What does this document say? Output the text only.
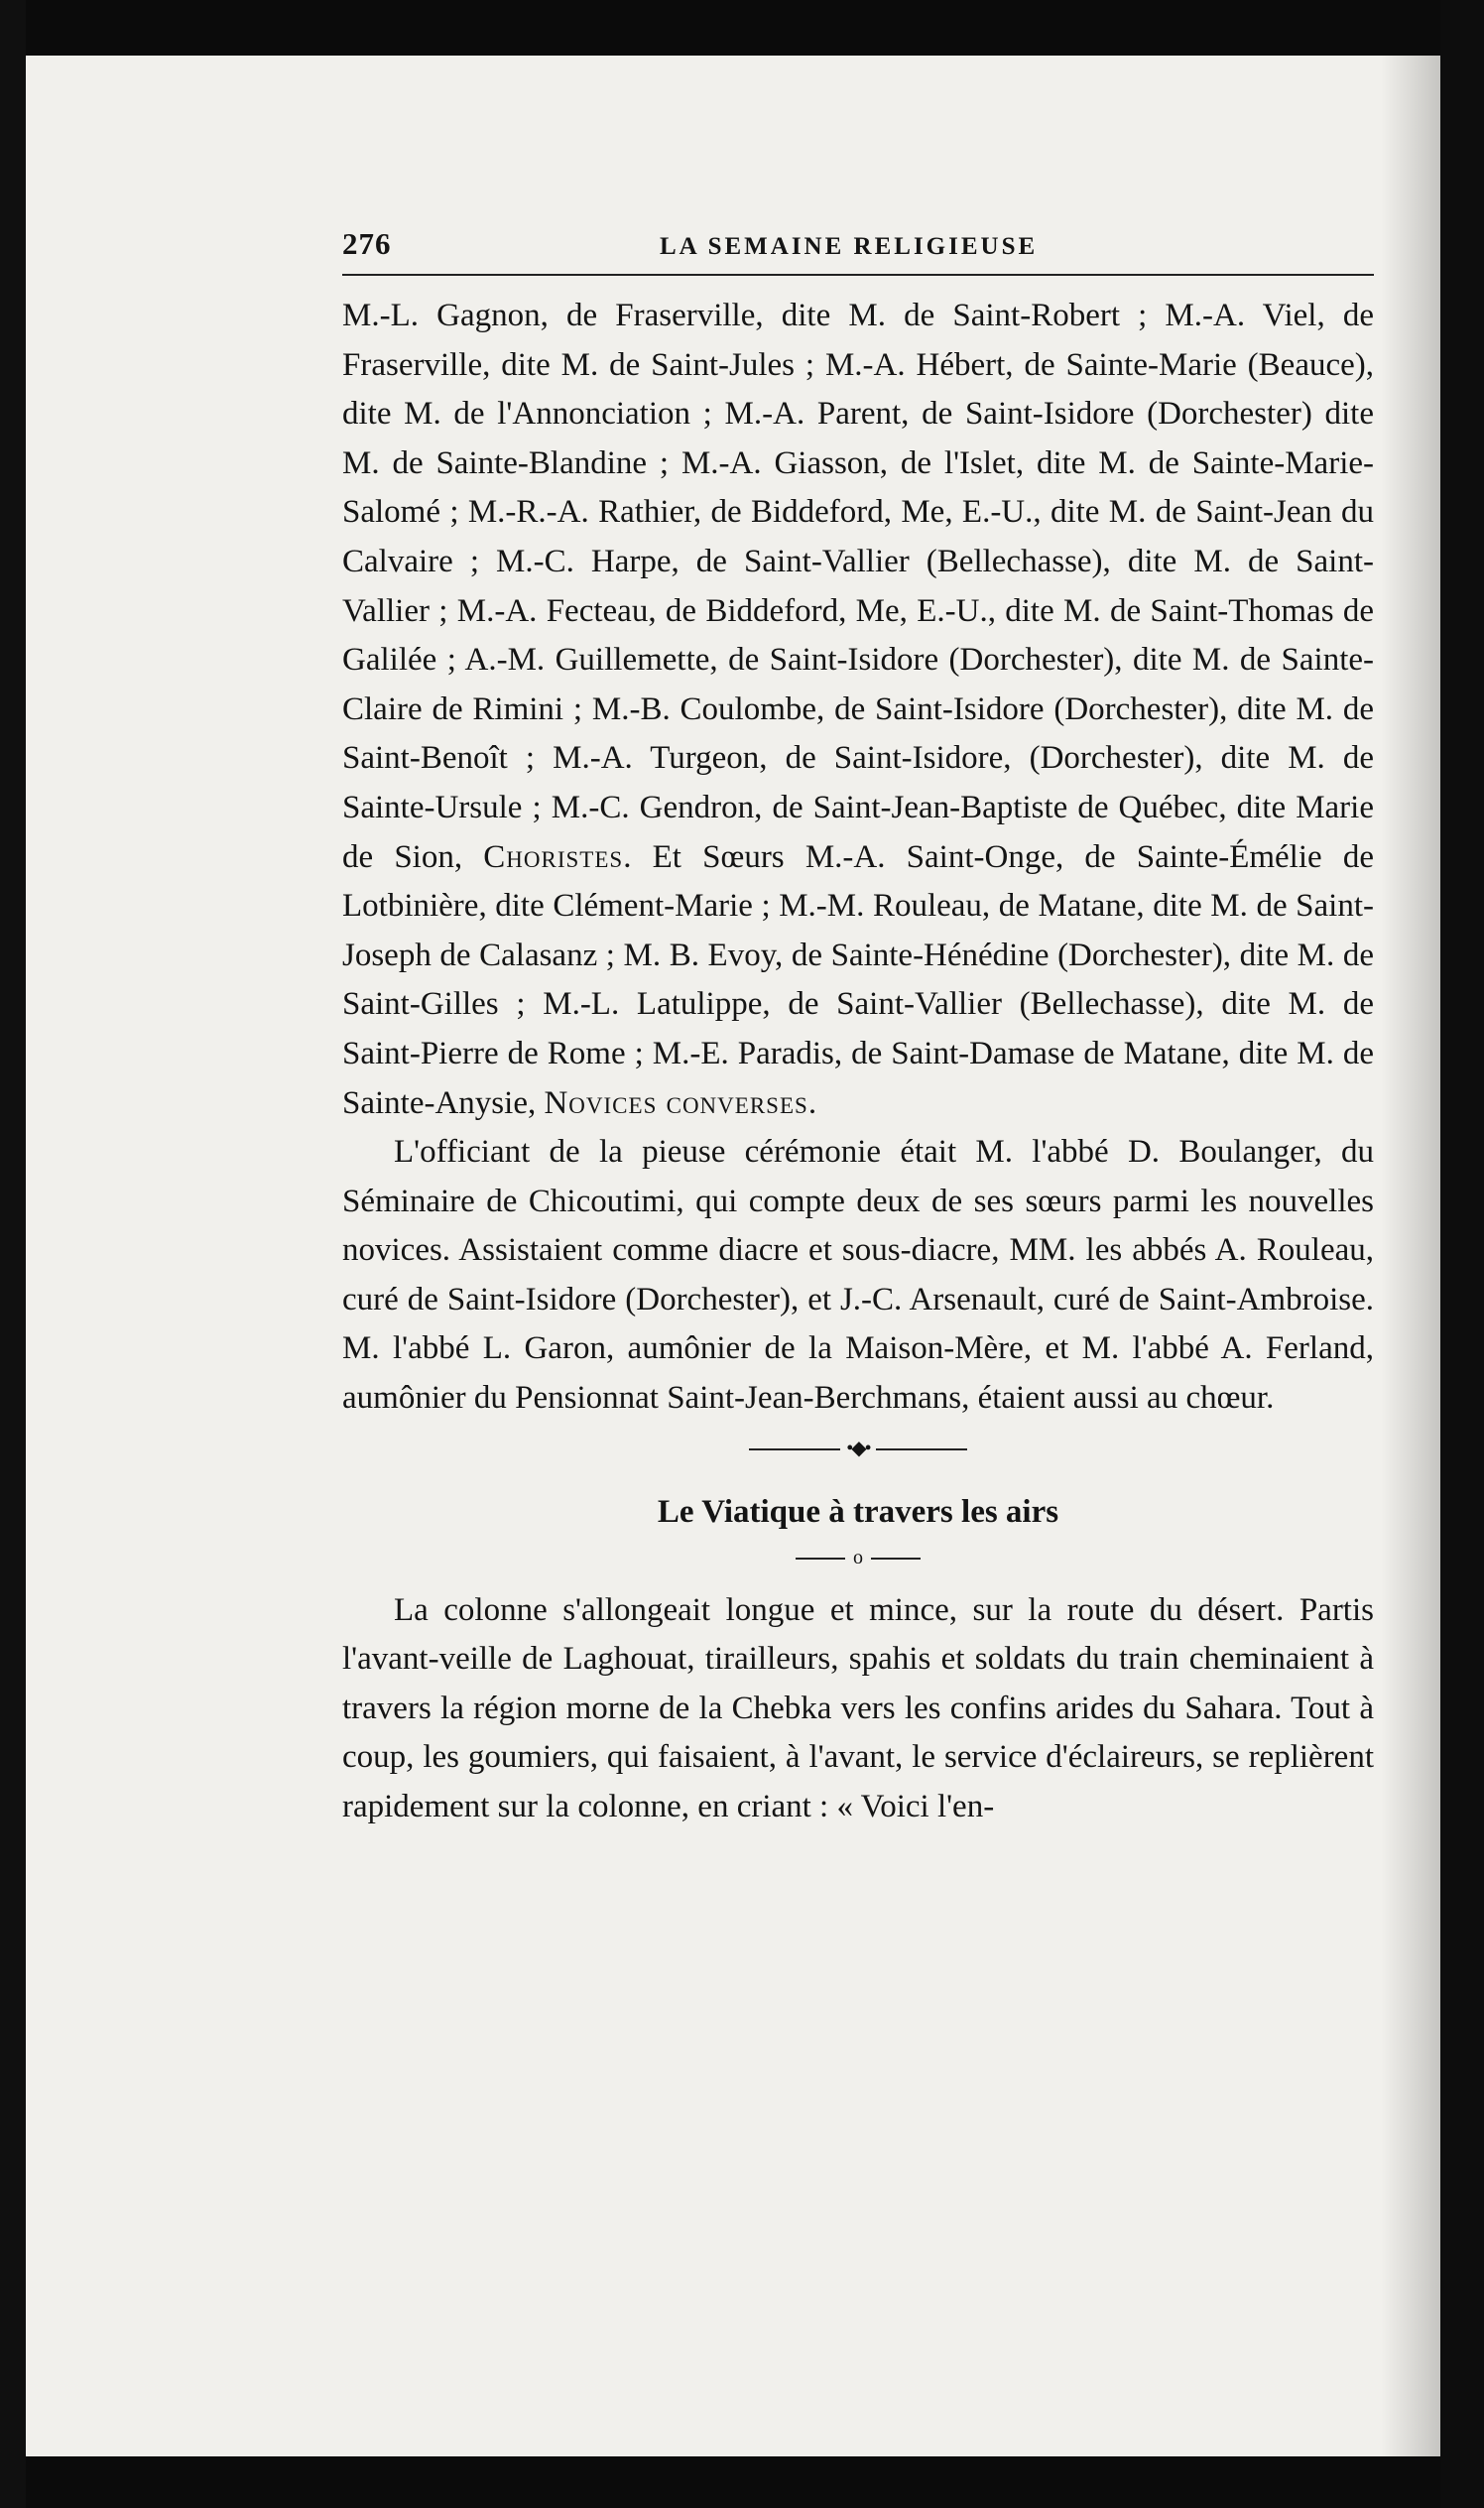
276	LA SEMAINE RELIGIEUSE

M.-L. Gagnon, de Fraserville, dite M. de Saint-Robert ; M.-A. Viel, de Fraserville, dite M. de Saint-Jules ; M.-A. Hébert, de Sainte-Marie (Beauce), dite M. de l'Annonciation ; M.-A. Parent, de Saint-Isidore (Dorchester) dite M. de Sainte-Blandine ; M.-A. Giasson, de l'Islet, dite M. de Sainte-Marie-Salomé ; M.-R.-A. Rathier, de Biddeford, Me, E.-U., dite M. de Saint-Jean du Calvaire ; M.-C. Harpe, de Saint-Vallier (Bellechasse), dite M. de Saint-Vallier ; M.-A. Fecteau, de Biddeford, Me, E.-U., dite M. de Saint-Thomas de Galilée ; A.-M. Guillemette, de Saint-Isidore (Dorchester), dite M. de Sainte-Claire de Rimini ; M.-B. Coulombe, de Saint-Isidore (Dorchester), dite M. de Saint-Benoît ; M.-A. Turgeon, de Saint-Isidore, (Dorchester), dite M. de Sainte-Ursule ; M.-C. Gendron, de Saint-Jean-Baptiste de Québec, dite Marie de Sion, Choristes. Et Sœurs M.-A. Saint-Onge, de Sainte-Émélie de Lotbinière, dite Clément-Marie ; M.-M. Rouleau, de Matane, dite M. de Saint-Joseph de Calasanz ; M. B. Evoy, de Sainte-Hénédine (Dorchester), dite M. de Saint-Gilles ; M.-L. Latulippe, de Saint-Vallier (Bellechasse), dite M. de Saint-Pierre de Rome ; M.-E. Paradis, de Saint-Damase de Matane, dite M. de Sainte-Anysie, Novices converses.

L'officiant de la pieuse cérémonie était M. l'abbé D. Boulanger, du Séminaire de Chicoutimi, qui compte deux de ses sœurs parmi les nouvelles novices. Assistaient comme diacre et sous-diacre, MM. les abbés A. Rouleau, curé de Saint-Isidore (Dorchester), et J.-C. Arsenault, curé de Saint-Ambroise. M. l'abbé L. Garon, aumônier de la Maison-Mère, et M. l'abbé A. Ferland, aumônier du Pensionnat Saint-Jean-Berchmans, étaient aussi au chœur.

•◆•
Le Viatique à travers les airs
o

La colonne s'allongeait longue et mince, sur la route du désert. Partis l'avant-veille de Laghouat, tirailleurs, spahis et soldats du train cheminaient à travers la région morne de la Chebka vers les confins arides du Sahara. Tout à coup, les goumiers, qui faisaient, à l'avant, le service d'éclaireurs, se replièrent rapidement sur la colonne, en criant : « Voici l'en-
